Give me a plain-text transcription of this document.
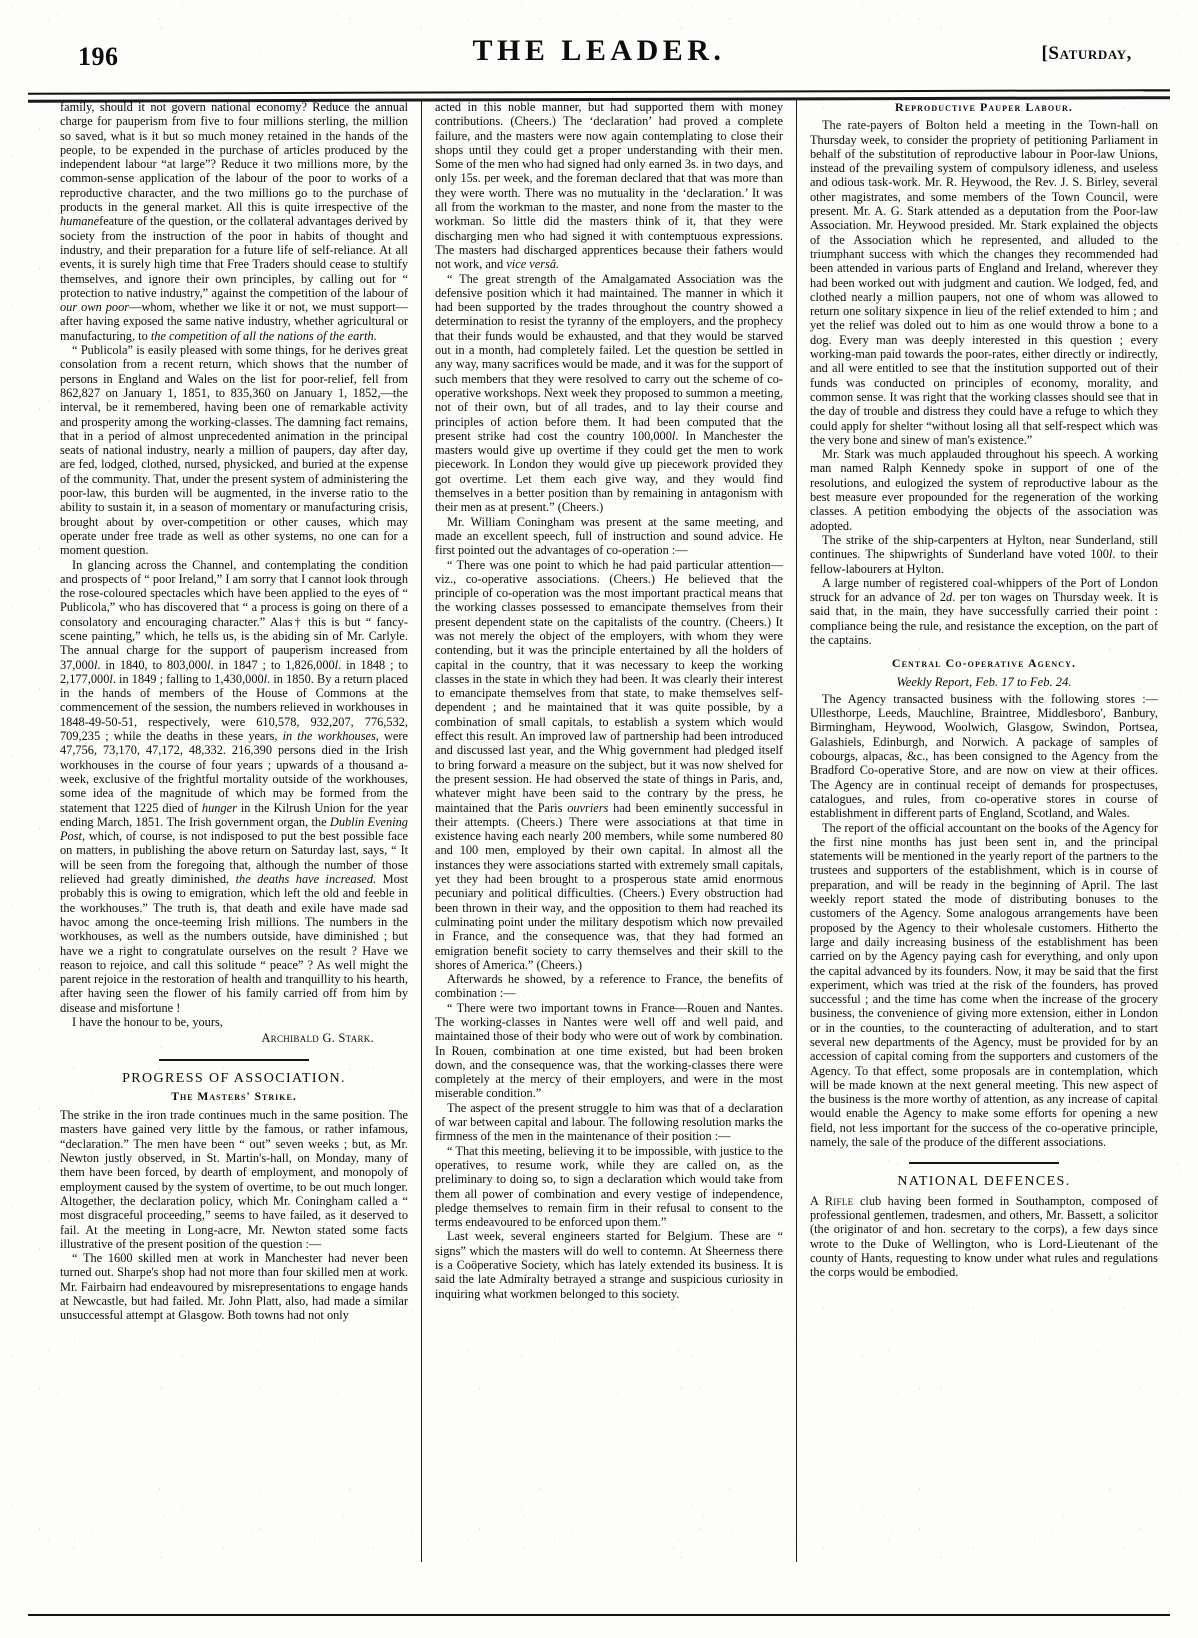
196	THE LEADER.	[Saturday,

family, should it not govern national economy? Reduce the annual charge for pauperism from five to four millions sterling, the million so saved, what is it but so much money retained in the hands of the people, to be expended in the purchase of articles produced by the independent labour “at large”? Reduce it two millions more, by the common-sense application of the labour of the poor to works of a reproductive character, and the two millions go to the purchase of products in the general market. All this is quite irrespective of the humanefeature of the question, or the collateral advantages derived by society from the instruction of the poor in habits of thought and industry, and their preparation for a future life of self-reliance. At all events, it is surely high time that Free Traders should cease to stultify themselves, and ignore their own principles, by calling out for “ protection to native industry,” against the competition of the labour of our own poor—whom, whether we like it or not, we must support—after having exposed the same native industry, whether agricultural or manufacturing, to the competition of all the nations of the earth.

“ Publicola” is easily pleased with some things, for he derives great consolation from a recent return, which shows that the number of persons in England and Wales on the list for poor-relief, fell from 862,827 on January 1, 1851, to 835,360 on January 1, 1852,—the interval, be it remembered, having been one of remarkable activity and prosperity among the working-classes. The damning fact remains, that in a period of almost unprecedented animation in the principal seats of national industry, nearly a million of paupers, day after day, are fed, lodged, clothed, nursed, physicked, and buried at the expense of the community. That, under the present system of administering the poor-law, this burden will be augmented, in the inverse ratio to the ability to sustain it, in a season of momentary or manufacturing crisis, brought about by over-competition or other causes, which may operate under free trade as well as other systems, no one can for a moment question.

In glancing across the Channel, and contemplating the condition and prospects of “ poor Ireland,” I am sorry that I cannot look through the rose-coloured spectacles which have been applied to the eyes of “ Publicola,” who has discovered that “ a process is going on there of a consolatory and encouraging character.” Alas† this is but “ fancy-scene painting,” which, he tells us, is the abiding sin of Mr. Carlyle. The annual charge for the support of pauperism increased from 37,000l. in 1840, to 803,000l. in 1847 ; to 1,826,000l. in 1848 ; to 2,177,000l. in 1849 ; falling to 1,430,000l. in 1850. By a return placed in the hands of members of the House of Commons at the commencement of the session, the numbers relieved in workhouses in 1848-49-50-51, respectively, were 610,578, 932,207, 776,532, 709,235 ; while the deaths in these years, in the workhouses, were 47,756, 73,170, 47,172, 48,332. 216,390 persons died in the Irish workhouses in the course of four years ; upwards of a thousand a-week, exclusive of the frightful mortality outside of the workhouses, some idea of the magnitude of which may be formed from the statement that 1225 died of hunger in the Kilrush Union for the year ending March, 1851. The Irish government organ, the Dublin Evening Post, which, of course, is not indisposed to put the best possible face on matters, in publishing the above return on Saturday last, says, “ It will be seen from the foregoing that, although the number of those relieved had greatly diminished, the deaths have increased. Most probably this is owing to emigration, which left the old and feeble in the workhouses.” The truth is, that death and exile have made sad havoc among the once-teeming Irish millions. The numbers in the workhouses, as well as the numbers outside, have diminished ; but have we a right to congratulate ourselves on the result ? Have we reason to rejoice, and call this solitude “ peace” ? As well might the parent rejoice in the restoration of health and tranquillity to his hearth, after having seen the flower of his family carried off from him by disease and misfortune !

I have the honour to be, yours,

Archibald G. Stark.

PROGRESS OF ASSOCIATION.
The Masters' Strike.

The strike in the iron trade continues much in the same position. The masters have gained very little by the famous, or rather infamous, “declaration.” The men have been “ out” seven weeks ; but, as Mr. Newton justly observed, in St. Martin's-hall, on Monday, many of them have been forced, by dearth of employment, and monopoly of employment caused by the system of overtime, to be out much longer. Altogether, the declaration policy, which Mr. Coningham called a “ most disgraceful proceeding,” seems to have failed, as it deserved to fail. At the meeting in Long-acre, Mr. Newton stated some facts illustrative of the present position of the question :—

“ The 1600 skilled men at work in Manchester had never been turned out. Sharpe's shop had not more than four skilled men at work. Mr. Fairbairn had endeavoured by misrepresentations to engage hands at Newcastle, but had failed. Mr. John Platt, also, had made a similar unsuccessful attempt at Glasgow. Both towns had not only

acted in this noble manner, but had supported them with money contributions. (Cheers.) The ‘declaration’ had proved a complete failure, and the masters were now again contemplating to close their shops until they could get a proper understanding with their men. Some of the men who had signed had only earned 3s. in two days, and only 15s. per week, and the foreman declared that that was more than they were worth. There was no mutuality in the ‘declaration.’ It was all from the workman to the master, and none from the master to the workman. So little did the masters think of it, that they were discharging men who had signed it with contemptuous expressions. The masters had discharged apprentices because their fathers would not work, and vice versâ.

“ The great strength of the Amalgamated Association was the defensive position which it had maintained. The manner in which it had been supported by the trades throughout the country showed a determination to resist the tyranny of the employers, and the prophecy that their funds would be exhausted, and that they would be starved out in a month, had completely failed. Let the question be settled in any way, many sacrifices would be made, and it was for the support of such members that they were resolved to carry out the scheme of co-operative workshops. Next week they proposed to summon a meeting, not of their own, but of all trades, and to lay their course and principles of action before them. It had been computed that the present strike had cost the country 100,000l. In Manchester the masters would give up overtime if they could get the men to work piecework. In London they would give up piecework provided they got overtime. Let them each give way, and they would find themselves in a better position than by remaining in antagonism with their men as at present.” (Cheers.)

Mr. William Coningham was present at the same meeting, and made an excellent speech, full of instruction and sound advice. He first pointed out the advantages of co-operation :—

“ There was one point to which he had paid particular attention—viz., co-operative associations. (Cheers.) He believed that the principle of co-operation was the most important practical means that the working classes possessed to emancipate themselves from their present dependent state on the capitalists of the country. (Cheers.) It was not merely the object of the employers, with whom they were contending, but it was the principle entertained by all the holders of capital in the country, that it was necessary to keep the working classes in the state in which they had been. It was clearly their interest to emancipate themselves from that state, to make themselves self-dependent ; and he maintained that it was quite possible, by a combination of small capitals, to establish a system which would effect this result. An improved law of partnership had been introduced and discussed last year, and the Whig government had pledged itself to bring forward a measure on the subject, but it was now shelved for the present session. He had observed the state of things in Paris, and, whatever might have been said to the contrary by the press, he maintained that the Paris ouvriers had been eminently successful in their attempts. (Cheers.) There were associations at that time in existence having each nearly 200 members, while some numbered 80 and 100 men, employed by their own capital. In almost all the instances they were associations started with extremely small capitals, yet they had been brought to a prosperous state amid enormous pecuniary and political difficulties. (Cheers.) Every obstruction had been thrown in their way, and the opposition to them had reached its culminating point under the military despotism which now prevailed in France, and the consequence was, that they had formed an emigration benefit society to carry themselves and their skill to the shores of America.” (Cheers.)

Afterwards he showed, by a reference to France, the benefits of combination :—

“ There were two important towns in France—Rouen and Nantes. The working-classes in Nantes were well off and well paid, and maintained those of their body who were out of work by combination. In Rouen, combination at one time existed, but had been broken down, and the consequence was, that the working-classes there were completely at the mercy of their employers, and were in the most miserable condition.”

The aspect of the present struggle to him was that of a declaration of war between capital and labour. The following resolution marks the firmness of the men in the maintenance of their position :—

“ That this meeting, believing it to be impossible, with justice to the operatives, to resume work, while they are called on, as the preliminary to doing so, to sign a declaration which would take from them all power of combination and every vestige of independence, pledge themselves to remain firm in their refusal to consent to the terms endeavoured to be enforced upon them.”

Last week, several engineers started for Belgium. These are “ signs” which the masters will do well to contemn. At Sheerness there is a Coöperative Society, which has lately extended its business. It is said the late Admiralty betrayed a strange and suspicious curiosity in inquiring what workmen belonged to this society.

Reproductive Pauper Labour.

The rate-payers of Bolton held a meeting in the Town-hall on Thursday week, to consider the propriety of petitioning Parliament in behalf of the substitution of reproductive labour in Poor-law Unions, instead of the prevailing system of compulsory idleness, and useless and odious task-work. Mr. R. Heywood, the Rev. J. S. Birley, several other magistrates, and some members of the Town Council, were present. Mr. A. G. Stark attended as a deputation from the Poor-law Association. Mr. Heywood presided. Mr. Stark explained the objects of the Association which he represented, and alluded to the triumphant success with which the changes they recommended had been attended in various parts of England and Ireland, wherever they had been worked out with judgment and caution. We lodged, fed, and clothed nearly a million paupers, not one of whom was allowed to return one solitary sixpence in lieu of the relief extended to him ; and yet the relief was doled out to him as one would throw a bone to a dog. Every man was deeply interested in this question ; every working-man paid towards the poor-rates, either directly or indirectly, and all were entitled to see that the institution supported out of their funds was conducted on principles of economy, morality, and common sense. It was right that the working classes should see that in the day of trouble and distress they could have a refuge to which they could apply for shelter “without losing all that self-respect which was the very bone and sinew of man's existence.”

Mr. Stark was much applauded throughout his speech. A working man named Ralph Kennedy spoke in support of one of the resolutions, and eulogized the system of reproductive labour as the best measure ever propounded for the regeneration of the working classes. A petition embodying the objects of the association was adopted.

The strike of the ship-carpenters at Hylton, near Sunderland, still continues. The shipwrights of Sunderland have voted 100l. to their fellow-labourers at Hylton.

A large number of registered coal-whippers of the Port of London struck for an advance of 2d. per ton wages on Thursday week. It is said that, in the main, they have successfully carried their point : compliance being the rule, and resistance the exception, on the part of the captains.

Central Co-operative Agency.

Weekly Report, Feb. 17 to Feb. 24.

The Agency transacted business with the following stores :—Ullesthorpe, Leeds, Mauchline, Braintree, Middlesboro', Banbury, Birmingham, Heywood, Woolwich, Glasgow, Swindon, Portsea, Galashiels, Edinburgh, and Norwich. A package of samples of cobourgs, alpacas, &c., has been consigned to the Agency from the Bradford Co-operative Store, and are now on view at their offices. The Agency are in continual receipt of demands for prospectuses, catalogues, and rules, from co-operative stores in course of establishment in different parts of England, Scotland, and Wales.

The report of the official accountant on the books of the Agency for the first nine months has just been sent in, and the principal statements will be mentioned in the yearly report of the partners to the trustees and supporters of the establishment, which is in course of preparation, and will be ready in the beginning of April. The last weekly report stated the mode of distributing bonuses to the customers of the Agency. Some analogous arrangements have been proposed by the Agency to their wholesale customers. Hitherto the large and daily increasing business of the establishment has been carried on by the Agency paying cash for everything, and only upon the capital advanced by its founders. Now, it may be said that the first experiment, which was tried at the risk of the founders, has proved successful ; and the time has come when the increase of the grocery business, the convenience of giving more extension, either in London or in the counties, to the counteracting of adulteration, and to start several new departments of the Agency, must be provided for by an accession of capital coming from the supporters and customers of the Agency. To that effect, some proposals are in contemplation, which will be made known at the next general meeting. This new aspect of the business is the more worthy of attention, as any increase of capital would enable the Agency to make some efforts for opening a new field, not less important for the success of the co-operative principle, namely, the sale of the produce of the different associations.

NATIONAL DEFENCES.

A Rifle club having been formed in Southampton, composed of professional gentlemen, tradesmen, and others, Mr. Bassett, a solicitor (the originator of and hon. secretary to the corps), a few days since wrote to the Duke of Wellington, who is Lord-Lieutenant of the county of Hants, requesting to know under what rules and regulations the corps would be embodied.
